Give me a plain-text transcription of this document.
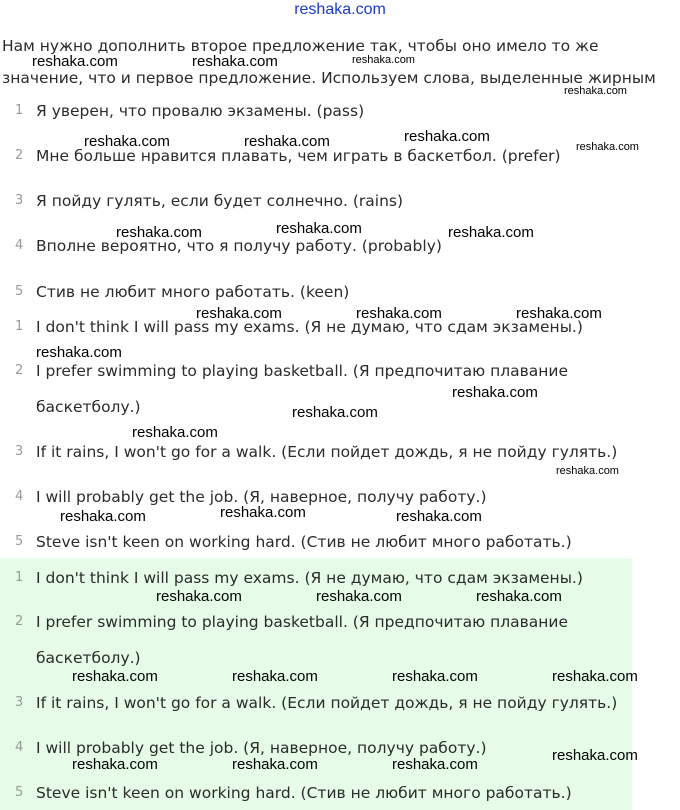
reshaka.com

Нам нужно дополнить второе предложение так, чтобы оно имело то же значение, что и первое предложение. Используем слова, выделенные жирным

1 Я уверен, что провалю экзамены. (pass)
2 Мне больше нравится плавать, чем играть в баскетбол. (prefer)
3 Я пойду гулять, если будет солнечно. (rains)
4 Вполне вероятно, что я получу работу. (probably)
5 Стив не любит много работать. (keen)
1 I don't think I will pass my exams. (Я не думаю, что сдам экзамены.)
2 I prefer swimming to playing basketball. (Я предпочитаю плавание
баскетболу.)
3 If it rains, I won't go for a walk. (Если пойдет дождь, я не пойду гулять.)
4 I will probably get the job. (Я, наверное, получу работу.)
5 Steve isn't keen on working hard. (Стив не любит много работать.)
1 I don't think I will pass my exams. (Я не думаю, что сдам экзамены.)
2 I prefer swimming to playing basketball. (Я предпочитаю плавание
баскетболу.)
3 If it rains, I won't go for a walk. (Если пойдет дождь, я не пойду гулять.)
4 I will probably get the job. (Я, наверное, получу работу.)
5 Steve isn't keen on working hard. (Стив не любит много работать.)
reshaka.com	reshaka.com	reshaka.com
reshaka.com
reshaka.com	reshaka.com	reshaka.com
reshaka.com
reshaka.com	reshaka.com	reshaka.com
reshaka.com	reshaka.com	reshaka.com
reshaka.com
reshaka.com
reshaka.com
reshaka.com
reshaka.com
reshaka.com	reshaka.com	reshaka.com
reshaka.com	reshaka.com	reshaka.com
reshaka.com	reshaka.com	reshaka.com	reshaka.com
reshaka.com
reshaka.com	reshaka.com	reshaka.com
